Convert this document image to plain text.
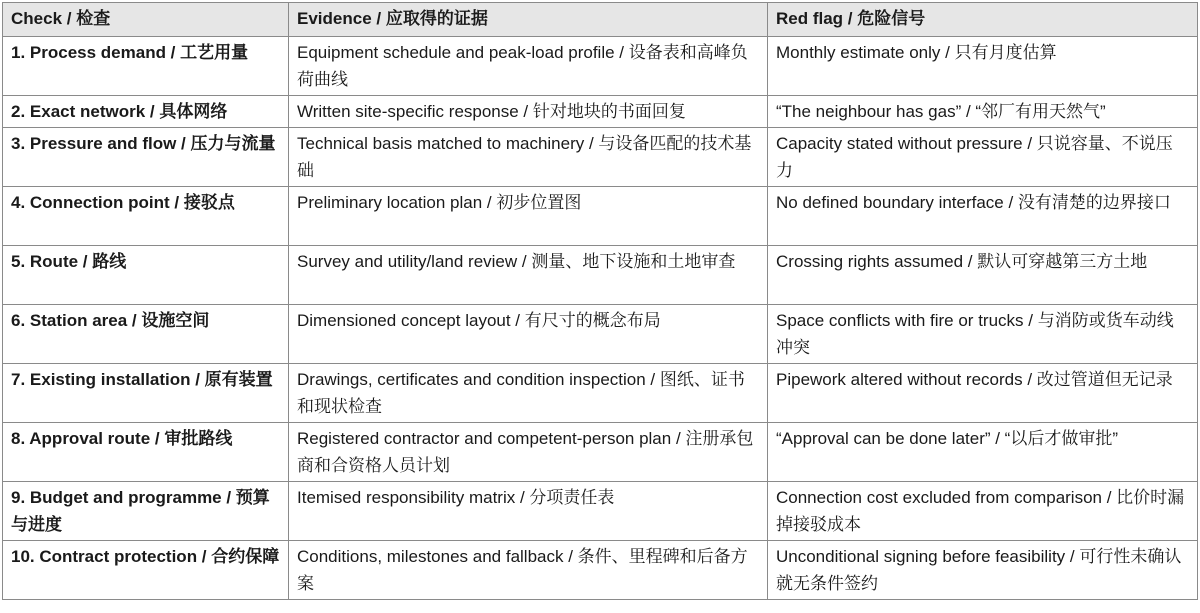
Check / 检查	Evidence / 应取得的证据	Red flag / 危险信号
1. Process demand / 工艺用量	Equipment schedule and peak-load profile / 设备表和高峰负荷曲线	Monthly estimate only / 只有月度估算
2. Exact network / 具体网络	Written site-specific response / 针对地块的书面回复	“The neighbour has gas” / “邻厂有用天然气”
3. Pressure and flow / 压力与流量	Technical basis matched to machinery / 与设备匹配的技术基础	Capacity stated without pressure / 只说容量、不说压力
4. Connection point / 接驳点	Preliminary location plan / 初步位置图	No defined boundary interface / 没有清楚的边界接口
5. Route / 路线	Survey and utility/land review / 测量、地下设施和土地审查	Crossing rights assumed / 默认可穿越第三方土地
6. Station area / 设施空间	Dimensioned concept layout / 有尺寸的概念布局	Space conflicts with fire or trucks / 与消防或货车动线冲突
7. Existing installation / 原有装置	Drawings, certificates and condition inspection / 图纸、证书和现状检查	Pipework altered without records / 改过管道但无记录
8. Approval route / 审批路线	Registered contractor and competent-person plan / 注册承包商和合资格人员计划	“Approval can be done later” / “以后才做审批”
9. Budget and programme / 预算与进度	Itemised responsibility matrix / 分项责任表	Connection cost excluded from comparison / 比价时漏掉接驳成本
10. Contract protection / 合约保障	Conditions, milestones and fallback / 条件、里程碑和后备方案	Unconditional signing before feasibility / 可行性未确认就无条件签约
